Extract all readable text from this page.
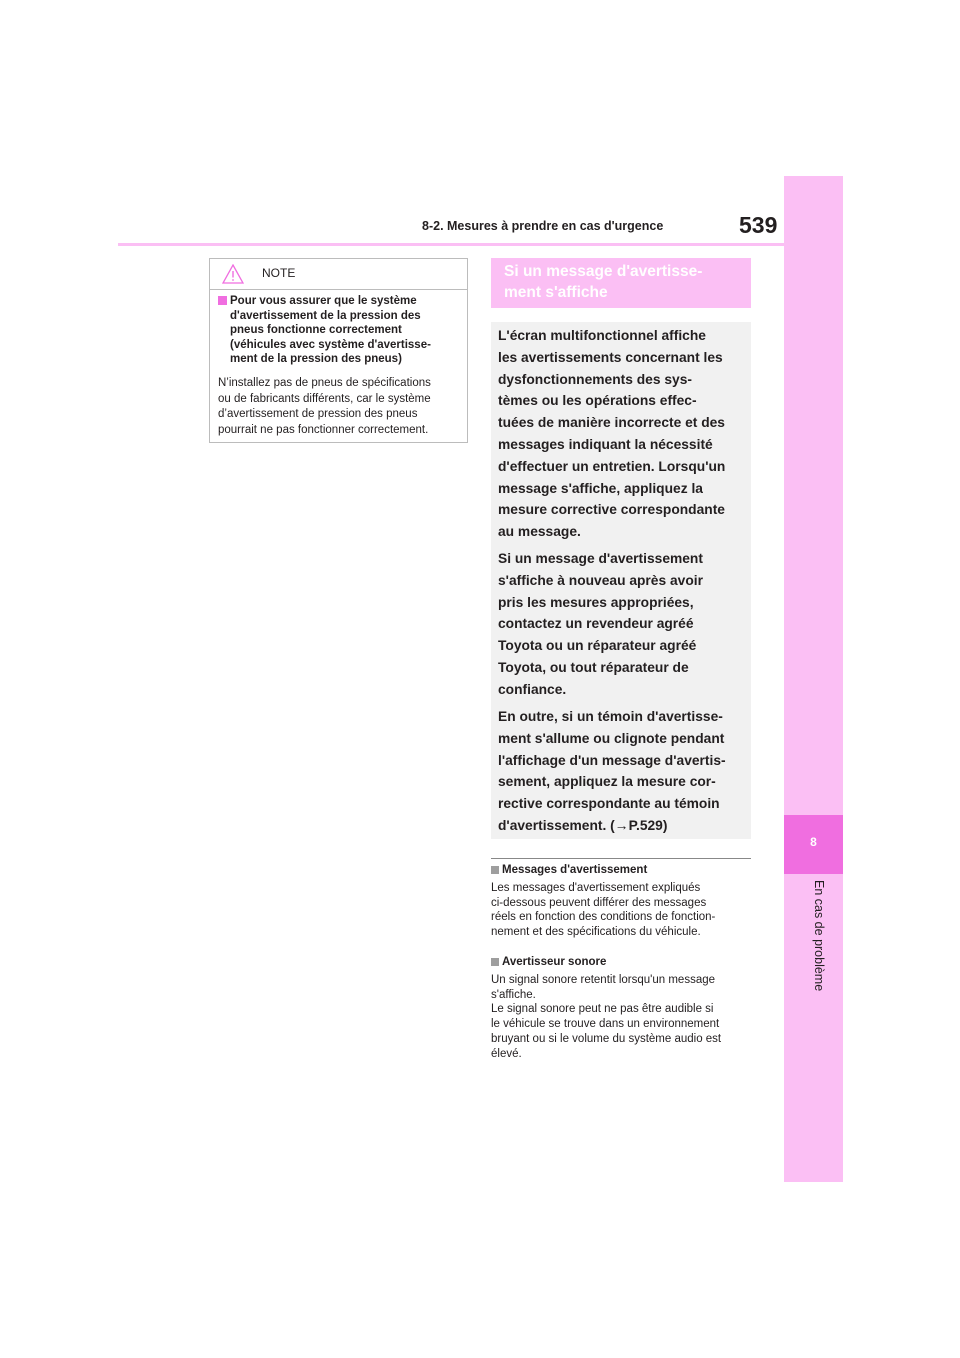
8-2. Mesures à prendre en cas d'urgence	539
8
En cas de problème
NOTE
Pour vous assurer que le système
d'avertissement de la pression des
pneus fonctionne correctement
(véhicules avec système d'avertisse-
ment de la pression des pneus)
N’installez pas de pneus de spécifications
ou de fabricants différents, car le système
d’avertissement de pression des pneus
pourrait ne pas fonctionner correctement.
Si un message d'avertisse-
ment s'affiche
L'écran multifonctionnel affiche
les avertissements concernant les
dysfonctionnements des sys-
tèmes ou les opérations effec-
tuées de manière incorrecte et des
messages indiquant la nécessité
d'effectuer un entretien. Lorsqu'un
message s'affiche, appliquez la
mesure corrective correspondante
au message.
Si un message d'avertissement
s'affiche à nouveau après avoir
pris les mesures appropriées,
contactez un revendeur agréé
Toyota ou un réparateur agréé
Toyota, ou tout réparateur de
confiance.
En outre, si un témoin d'avertisse-
ment s'allume ou clignote pendant
l'affichage d'un message d'avertis-
sement, appliquez la mesure cor-
rective correspondante au témoin
d'avertissement. (→P.529)
Messages d'avertissement
Les messages d'avertissement expliqués
ci-dessous peuvent différer des messages
réels en fonction des conditions de fonction-
nement et des spécifications du véhicule.
Avertisseur sonore
Un signal sonore retentit lorsqu'un message
s'affiche.
Le signal sonore peut ne pas être audible si
le véhicule se trouve dans un environnement
bruyant ou si le volume du système audio est
élevé.
